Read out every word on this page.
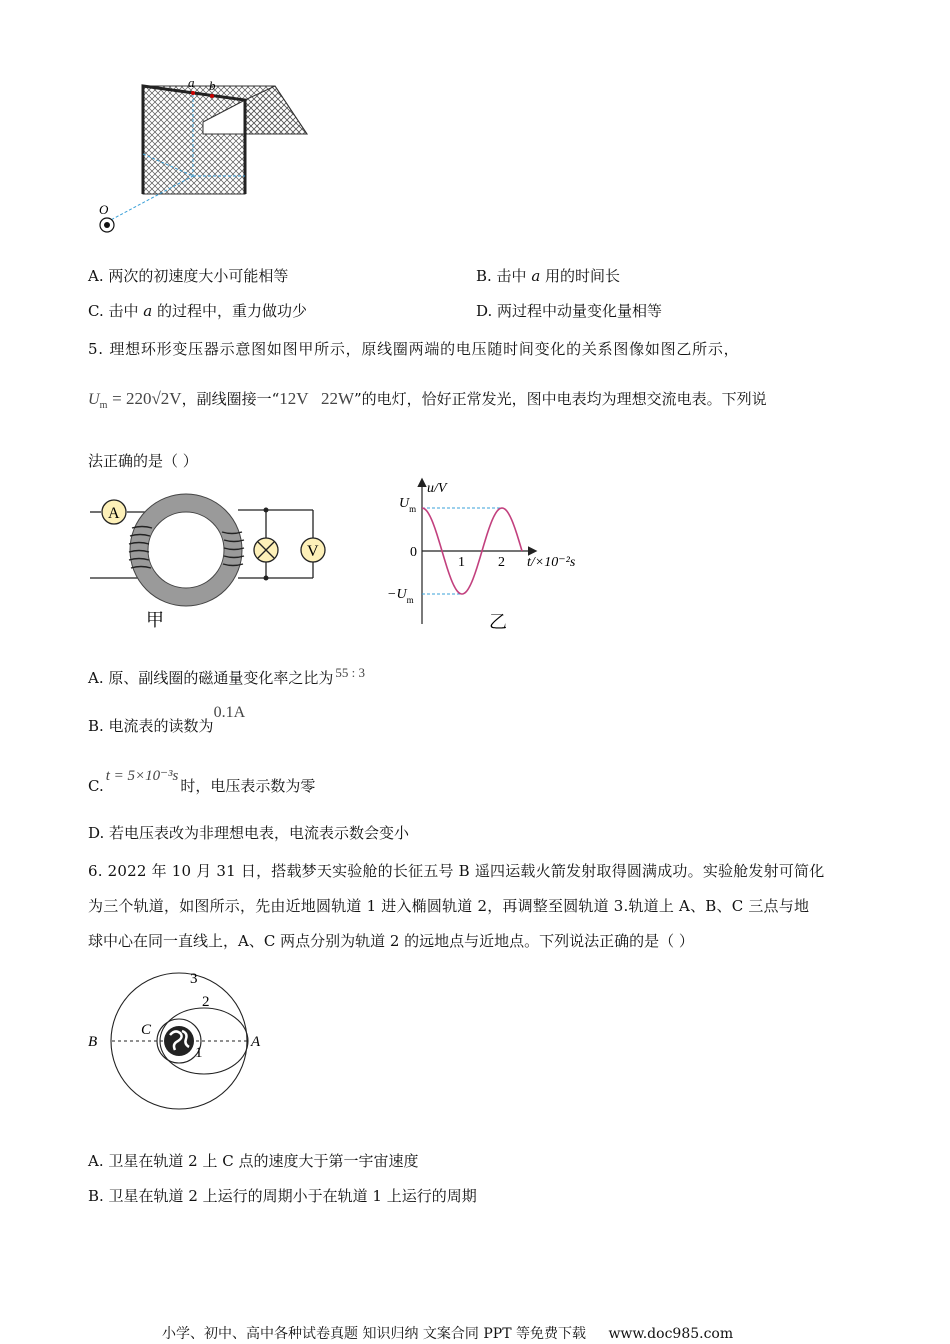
a b
O
A. 两次的初速度大小可能相等	B. 击中 a 用的时间长
C. 击中 a 的过程中，重力做功少	D. 两过程中动量变化量相等
5. 理想环形变压器示意图如图甲所示，原线圈两端的电压随时间变化的关系图像如图乙所示，
$U_m = 220√2V$，副线圈接一“12V   22W”的电灯，恰好正常发光，图中电表均为理想交流电表。下列说
法正确的是（ ）
A
V
甲
u/V
$U_m$
0
$-U_m$
1 2 t/×10⁻²s
乙
A. 原、副线圈的磁通量变化率之比为 55 : 3
B. 电流表的读数为0.1A
C.t = 5×10⁻³s时，电压表示数为零
D. 若电压表改为非理想电表，电流表示数会变小
6. 2022 年 10 月 31 日，搭载梦天实验舱的长征五号 B 遥四运载火箭发射取得圆满成功。实验舱发射可简化
为三个轨道，如图所示，先由近地圆轨道 1 进入椭圆轨道 2，再调整至圆轨道 3.轨道上 A、B、C 三点与地
球中心在同一直线上，A、C 两点分别为轨道 2 的远地点与近地点。下列说法正确的是（ ）
3
2
1
B
C
A
A. 卫星在轨道 2 上 C 点的速度大于第一宇宙速度
B. 卫星在轨道 2 上运行的周期小于在轨道 1 上运行的周期
小学、初中、高中各种试卷真题 知识归纳 文案合同 PPT 等免费下载 www.doc985.com
